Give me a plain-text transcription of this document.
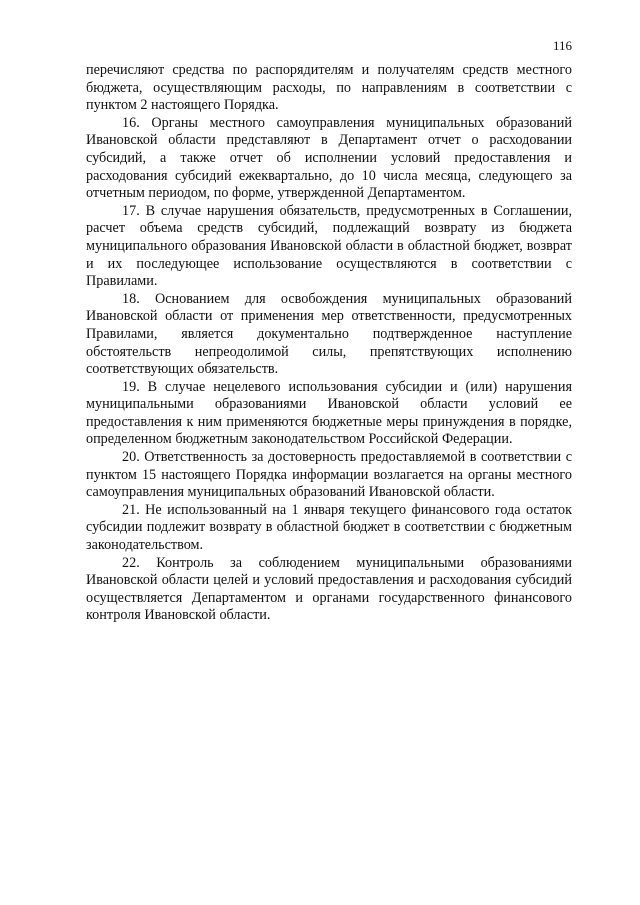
116

перечисляют средства по распорядителям и получателям средств местного бюджета, осуществляющим расходы, по направлениям в соответствии с пунктом 2 настоящего Порядка.

16. Органы местного самоуправления муниципальных образований Ивановской области представляют в Департамент отчет о расходовании субсидий, а также отчет об исполнении условий предоставления и расходования субсидий ежеквартально, до 10 числа месяца, следующего за отчетным периодом, по форме, утвержденной Департаментом.

17. В случае нарушения обязательств, предусмотренных в Соглашении, расчет объема средств субсидий, подлежащий возврату из бюджета муниципального образования Ивановской области в областной бюджет, возврат и их последующее использование осуществляются в соответствии с Правилами.

18. Основанием для освобождения муниципальных образований Ивановской области от применения мер ответственности, предусмотренных Правилами, является документально подтвержденное наступление обстоятельств непреодолимой силы, препятствующих исполнению соответствующих обязательств.

19. В случае нецелевого использования субсидии и (или) нарушения муниципальными образованиями Ивановской области условий ее предоставления к ним применяются бюджетные меры принуждения в порядке, определенном бюджетным законодательством Российской Федерации.

20. Ответственность за достоверность предоставляемой в соответствии с пунктом 15 настоящего Порядка информации возлагается на органы местного самоуправления муниципальных образований Ивановской области.

21. Не использованный на 1 января текущего финансового года остаток субсидии подлежит возврату в областной бюджет в соответствии с бюджетным законодательством.

22. Контроль за соблюдением муниципальными образованиями Ивановской области целей и условий предоставления и расходования субсидий осуществляется Департаментом и органами государственного финансового контроля Ивановской области.
